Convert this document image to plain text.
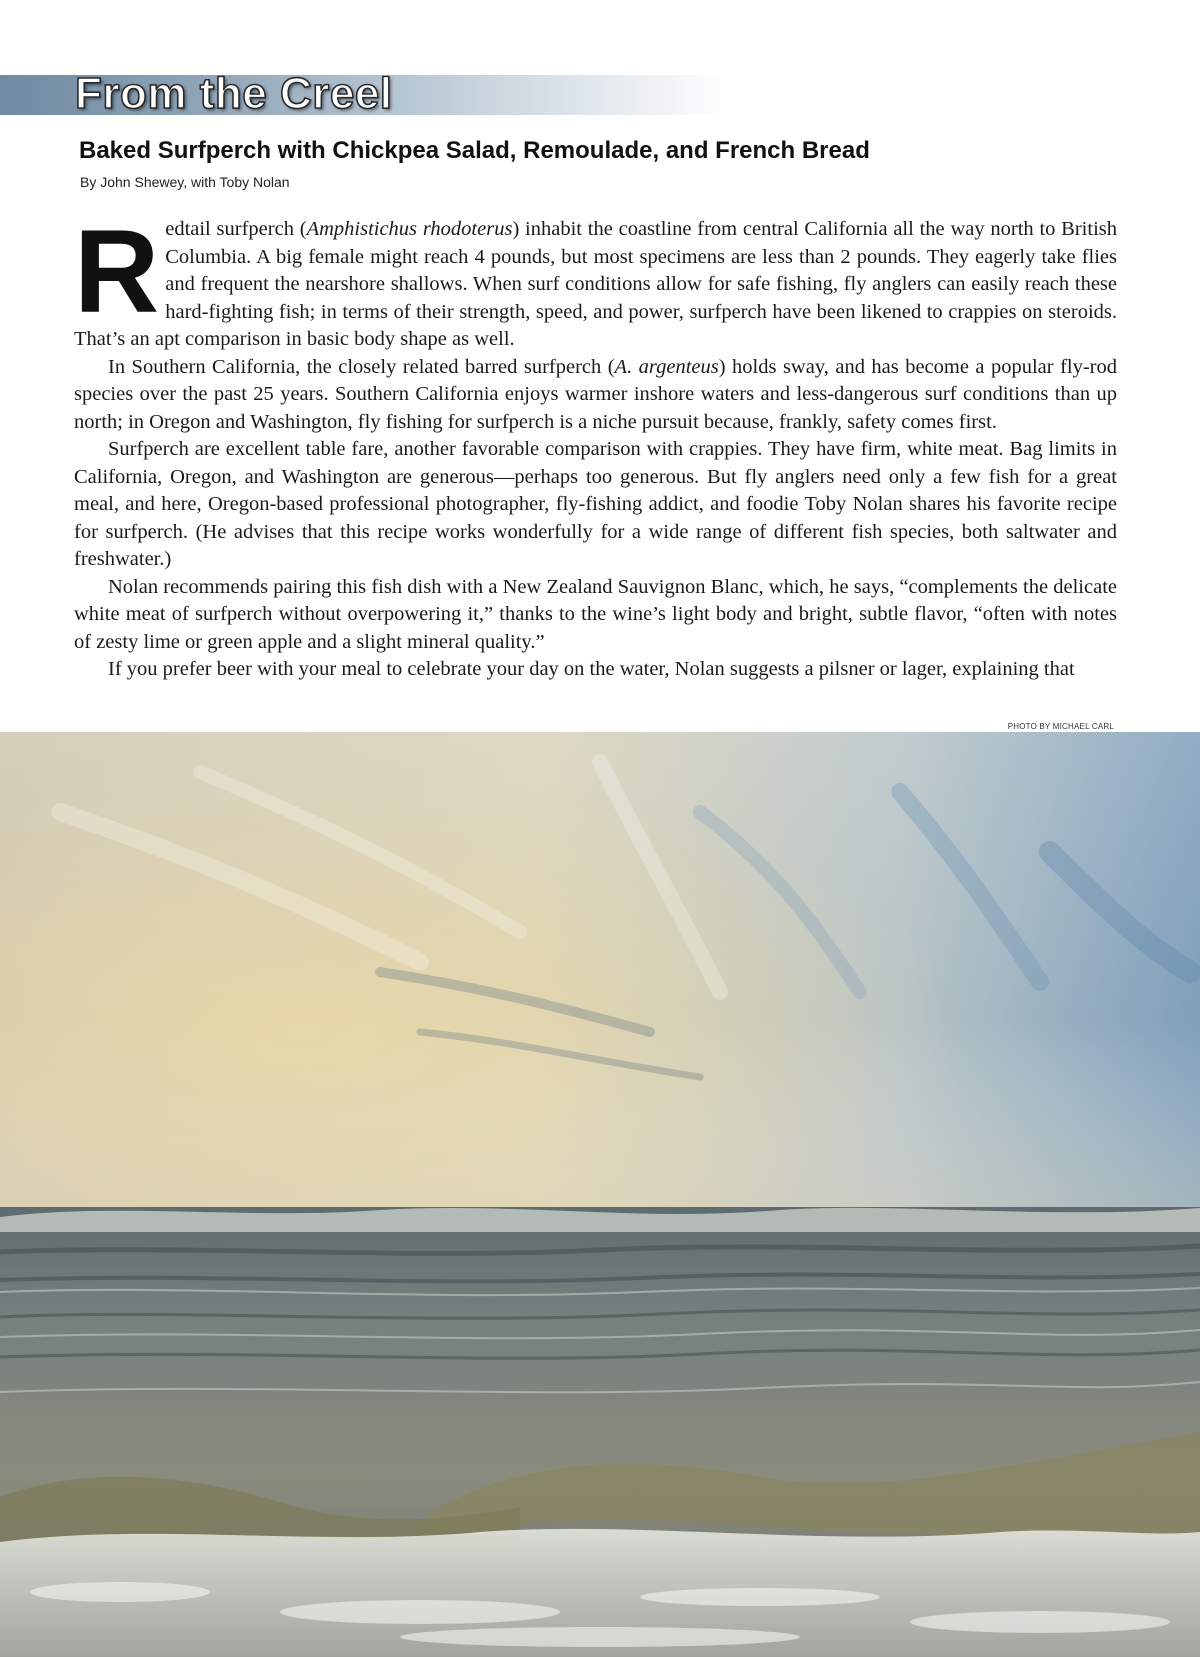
From the Creel
Baked Surfperch with Chickpea Salad, Remoulade, and French Bread

By John Shewey, with Toby Nolan

Redtail surfperch (Amphistichus rhodoterus) inhabit the coastline from central California all the way north to British Columbia. A big female might reach 4 pounds, but most specimens are less than 2 pounds. They eagerly take flies and frequent the nearshore shallows. When surf conditions allow for safe fishing, fly anglers can easily reach these hard-fighting fish; in terms of their strength, speed, and power, surfperch have been likened to crappies on steroids. That’s an apt comparison in basic body shape as well.

In Southern California, the closely related barred surfperch (A. argenteus) holds sway, and has become a popular fly-rod species over the past 25 years. Southern California enjoys warmer inshore waters and less-dangerous surf conditions than up north; in Oregon and Washington, fly fishing for surfperch is a niche pursuit because, frankly, safety comes first.

Surfperch are excellent table fare, another favorable comparison with crappies. They have firm, white meat. Bag limits in California, Oregon, and Washington are generous—perhaps too generous. But fly anglers need only a few fish for a great meal, and here, Oregon-based professional photographer, fly-fishing addict, and foodie Toby Nolan shares his favorite recipe for surfperch. (He advises that this recipe works wonderfully for a wide range of different fish species, both saltwater and freshwater.)

Nolan recommends pairing this fish dish with a New Zealand Sauvignon Blanc, which, he says, “complements the delicate white meat of surfperch without overpowering it,” thanks to the wine’s light body and bright, subtle flavor, “often with notes of zesty lime or green apple and a slight mineral quality.”

If you prefer beer with your meal to celebrate your day on the water, Nolan suggests a pilsner or lager, explaining that

PHOTO BY MICHAEL CARL
